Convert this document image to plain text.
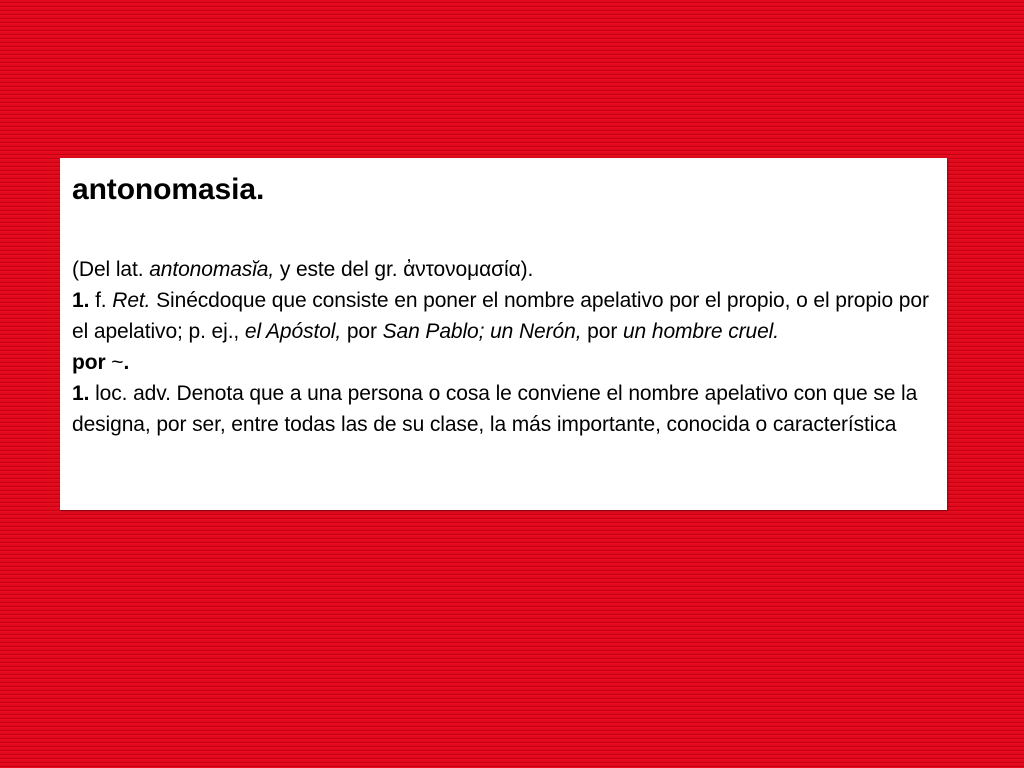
antonomasia.

(Del lat. antonomasĭa, y este del gr. ἀντονομασία).

1. f. Ret. Sinécdoque que consiste en poner el nombre apelativo por el propio, o el propio por el apelativo; p. ej., el Apóstol, por San Pablo; un Nerón, por un hombre cruel.

por ~.

1. loc. adv. Denota que a una persona o cosa le conviene el nombre apelativo con que se la designa, por ser, entre todas las de su clase, la más importante, conocida o característica
